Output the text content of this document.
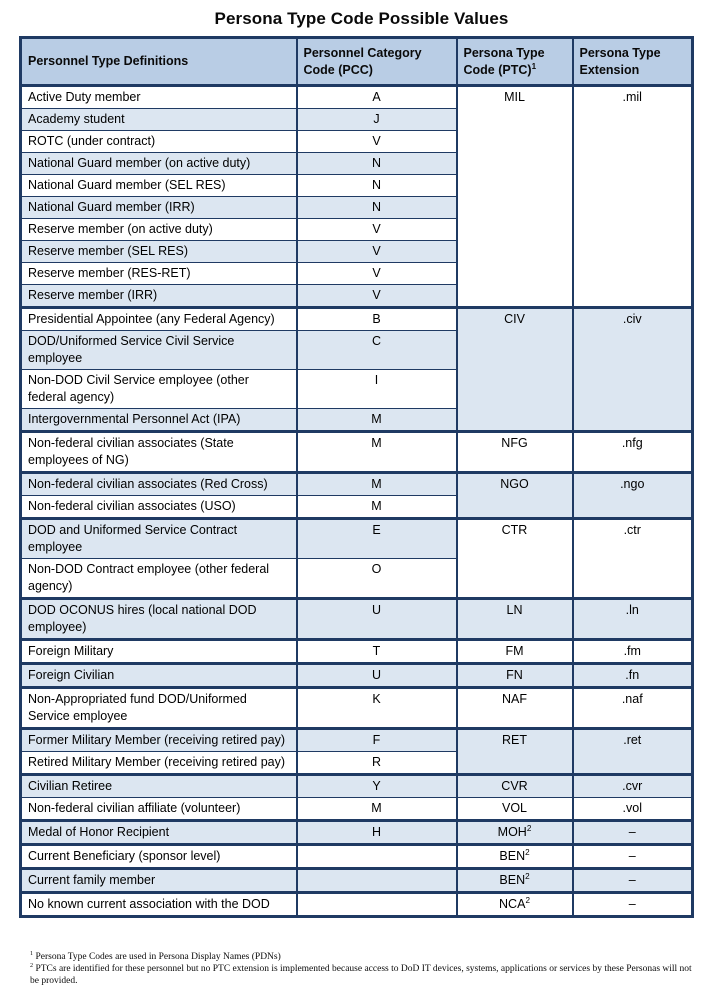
Persona Type Code Possible Values
Personnel Type Definitions	Personnel Category Code (PCC)	Persona Type Code (PTC)$^1$	Persona Type Extension
Active Duty member	A	MIL	.mil
Academy student	J		
ROTC (under contract)	V		
National Guard member (on active duty)	N		
National Guard member (SEL RES)	N		
National Guard member (IRR)	N		
Reserve member (on active duty)	V		
Reserve member (SEL RES)	V		
Reserve member (RES-RET)	V		
Reserve member (IRR)	V		
Presidential Appointee (any Federal Agency)	B	CIV	.civ
DOD/Uniformed Service Civil Service employee	C		
Non-DOD Civil Service employee (other federal agency)	I		
Intergovernmental Personnel Act (IPA)	M		
Non-federal civilian associates (State employees of NG)	M	NFG	.nfg
Non-federal civilian associates (Red Cross)	M	NGO	.ngo
Non-federal civilian associates (USO)	M		
DOD and Uniformed Service Contract employee	E	CTR	.ctr
Non-DOD Contract employee (other federal agency)	O		
DOD OCONUS hires (local national DOD employee)	U	LN	.ln
Foreign Military	T	FM	.fm
Foreign Civilian	U	FN	.fn
Non-Appropriated fund DOD/Uniformed Service employee	K	NAF	.naf
Former Military Member (receiving retired pay)	F	RET	.ret
Retired Military Member (receiving retired pay)	R		
Civilian Retiree	Y	CVR	.cvr
Non-federal civilian affiliate (volunteer)	M	VOL	.vol
Medal of Honor Recipient	H	MOH$^2$	–
Current Beneficiary (sponsor level)		BEN$^2$	–
Current family member		BEN$^2$	–
No known current association with the DOD		NCA$^2$	–
$^1$ Persona Type Codes are used in Persona Display Names (PDNs)
$^2$ PTCs are identified for these personnel but no PTC extension is implemented because access to DoD IT devices, systems, applications or services by these Personas will not be provided.
